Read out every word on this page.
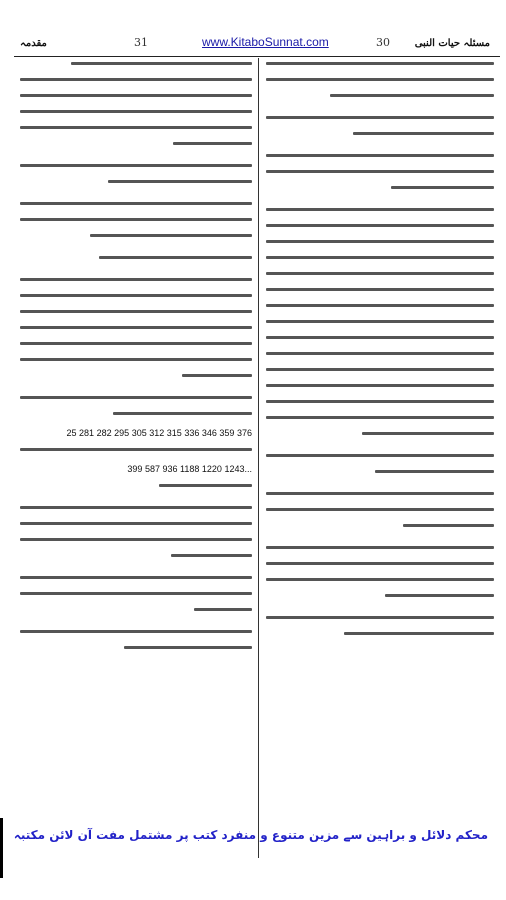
مقدمہ	31	www.KitaboSunnat.com	30 مسئلہ حیات النبی
376 359 346 336 315 312 305 295 282 281 25
...1243 1220 1188 936 587 399
محکم دلائل و براہین سے مزین متنوع و منفرد کتب پر مشتمل مفت آن لائن مکتبہ
